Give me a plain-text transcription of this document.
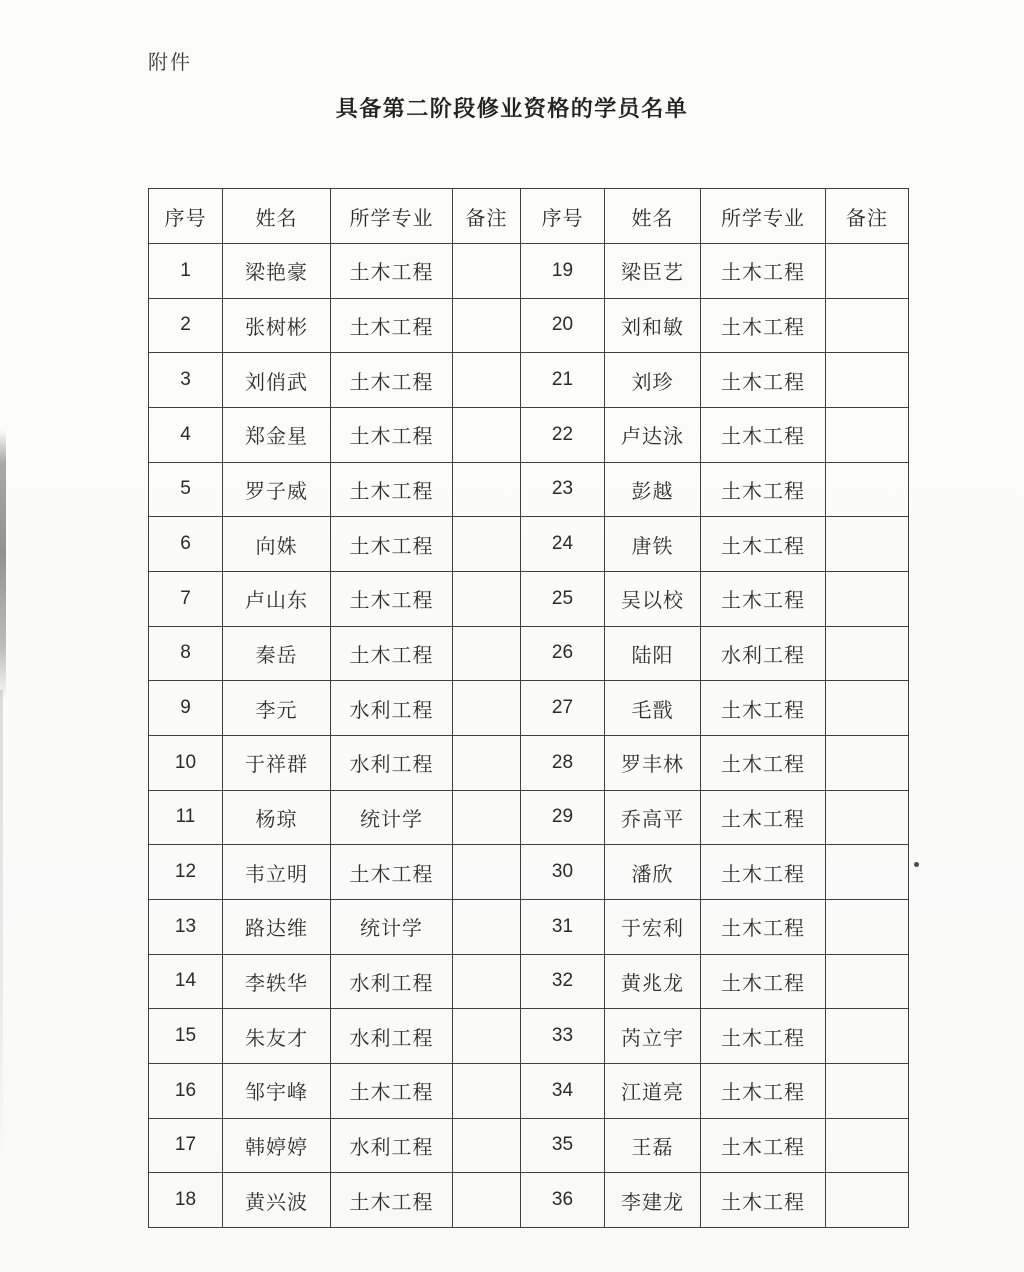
附件
具备第二阶段修业资格的学员名单
序号	姓名	所学专业	备注	序号	姓名	所学专业	备注
1	梁艳豪	土木工程		19	梁臣艺	土木工程	
2	张树彬	土木工程		20	刘和敏	土木工程	
3	刘俏武	土木工程		21	刘珍	土木工程	
4	郑金星	土木工程		22	卢达泳	土木工程	
5	罗子威	土木工程		23	彭越	土木工程	
6	向姝	土木工程		24	唐铁	土木工程	
7	卢山东	土木工程		25	吴以校	土木工程	
8	秦岳	土木工程		26	陆阳	水利工程	
9	李元	水利工程		27	毛戬	土木工程	
10	于祥群	水利工程		28	罗丰林	土木工程	
11	杨琼	统计学		29	乔高平	土木工程	
12	韦立明	土木工程		30	潘欣	土木工程	
13	路达维	统计学		31	于宏利	土木工程	
14	李轶华	水利工程		32	黄兆龙	土木工程	
15	朱友才	水利工程		33	芮立宇	土木工程	
16	邹宇峰	土木工程		34	江道亮	土木工程	
17	韩婷婷	水利工程		35	王磊	土木工程	
18	黄兴波	土木工程		36	李建龙	土木工程	
